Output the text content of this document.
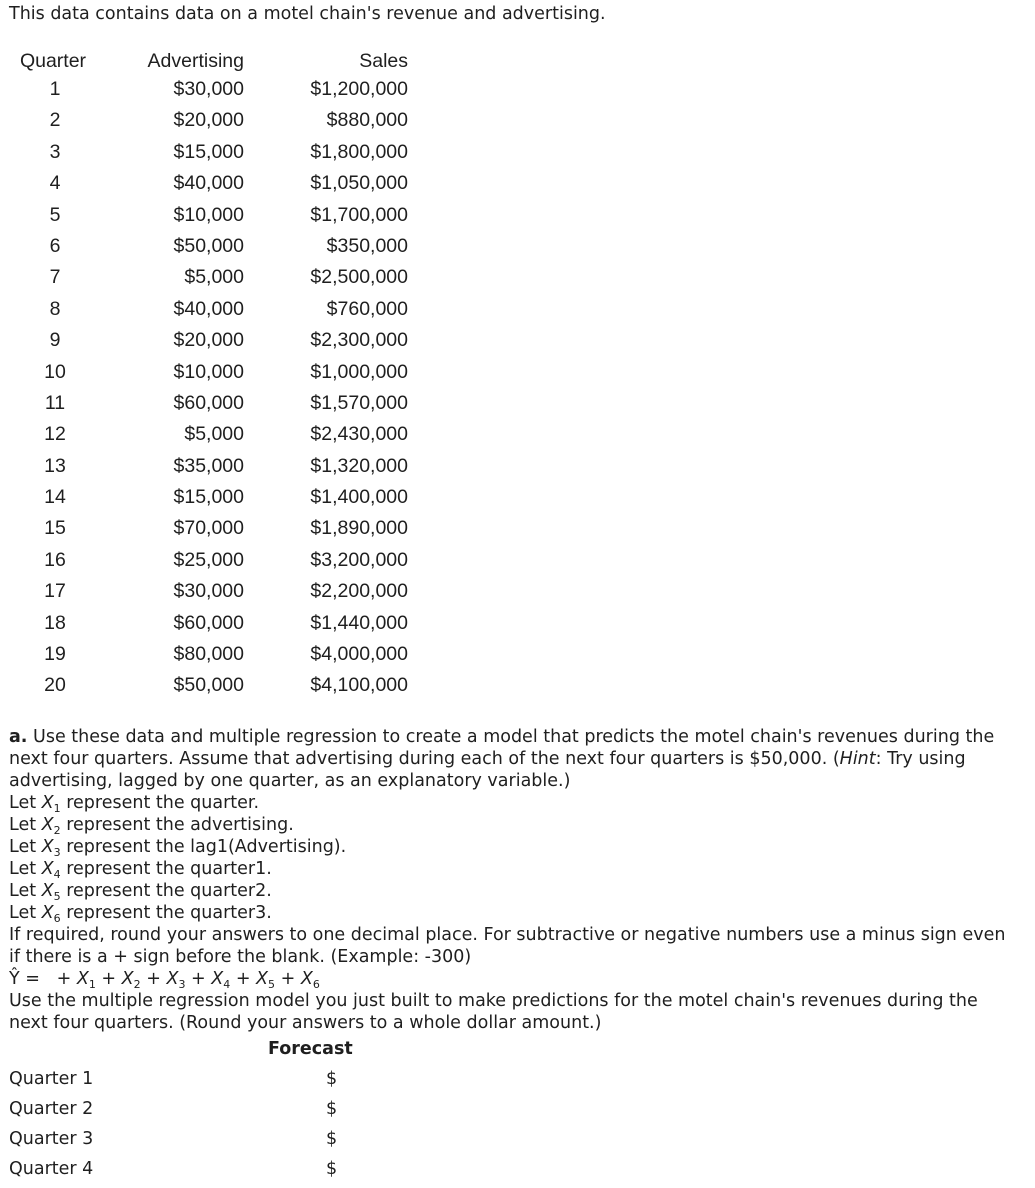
This data contains data on a motel chain's revenue and advertising.
Quarter	Advertising	Sales
1	$30,000	$1,200,000
2	$20,000	$880,000
3	$15,000	$1,800,000
4	$40,000	$1,050,000
5	$10,000	$1,700,000
6	$50,000	$350,000
7	$5,000	$2,500,000
8	$40,000	$760,000
9	$20,000	$2,300,000
10	$10,000	$1,000,000
11	$60,000	$1,570,000
12	$5,000	$2,430,000
13	$35,000	$1,320,000
14	$15,000	$1,400,000
15	$70,000	$1,890,000
16	$25,000	$3,200,000
17	$30,000	$2,200,000
18	$60,000	$1,440,000
19	$80,000	$4,000,000
20	$50,000	$4,100,000

a. Use these data and multiple regression to create a model that predicts the motel chain's revenues during the next four quarters. Assume that advertising during each of the next four quarters is $50,000. (Hint: Try using advertising, lagged by one quarter, as an explanatory variable.)

Let $X_1$ represent the quarter.

Let $X_2$ represent the advertising.

Let $X_3$ represent the lag1(Advertising).

Let $X_4$ represent the quarter1.

Let $X_5$ represent the quarter2.

Let $X_6$ represent the quarter3.

If required, round your answers to one decimal place. For subtractive or negative numbers use a minus sign even if there is a + sign before the blank. (Example: -300)

Ŷ =   + $X_1 + X_2 + X_3 + X_4 + X_5 + X_6$

Use the multiple regression model you just built to make predictions for the motel chain's revenues during the next four quarters. (Round your answers to a whole dollar amount.)

Forecast
Quarter 1	$
Quarter 2	$
Quarter 3	$
Quarter 4	$
